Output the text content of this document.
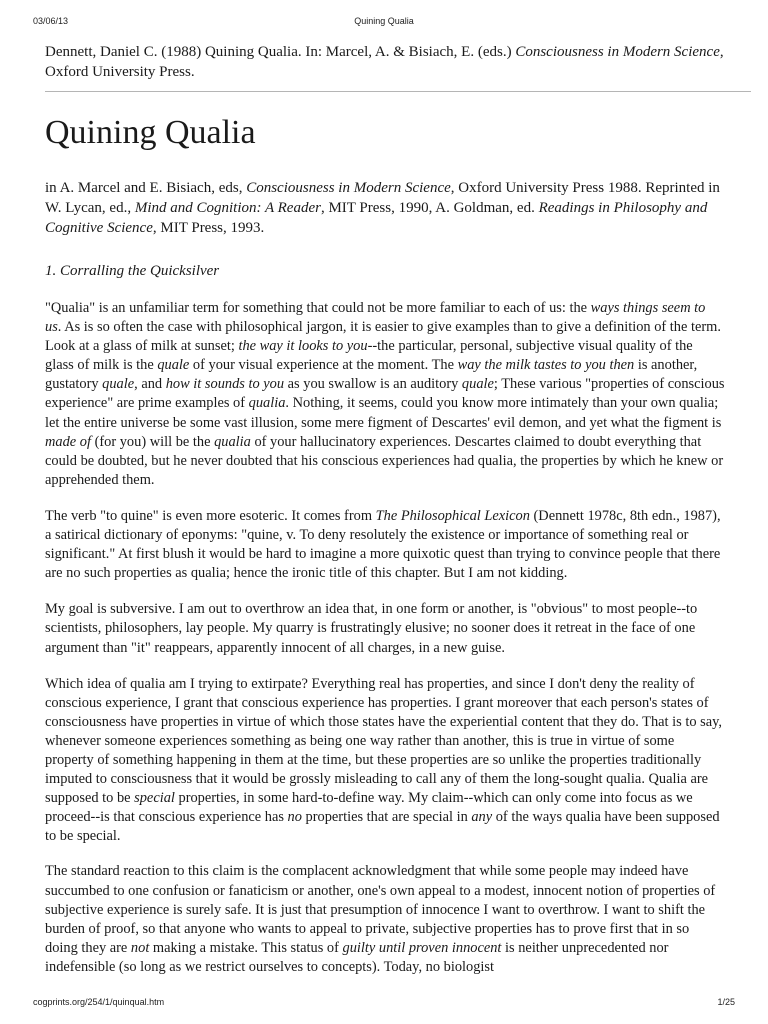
03/06/13	Quining Qualia

Dennett, Daniel C. (1988) Quining Qualia. In: Marcel, A. & Bisiach, E. (eds.) Consciousness in Modern Science, Oxford University Press.

Quining Qualia

in A. Marcel and E. Bisiach, eds, Consciousness in Modern Science, Oxford University Press 1988. Reprinted in W. Lycan, ed., Mind and Cognition: A Reader, MIT Press, 1990, A. Goldman, ed. Readings in Philosophy and Cognitive Science, MIT Press, 1993.

1. Corralling the Quicksilver

"Qualia" is an unfamiliar term for something that could not be more familiar to each of us: the ways things seem to us. As is so often the case with philosophical jargon, it is easier to give examples than to give a definition of the term. Look at a glass of milk at sunset; the way it looks to you--the particular, personal, subjective visual quality of the glass of milk is the quale of your visual experience at the moment. The way the milk tastes to you then is another, gustatory quale, and how it sounds to you as you swallow is an auditory quale; These various "properties of conscious experience" are prime examples of qualia. Nothing, it seems, could you know more intimately than your own qualia; let the entire universe be some vast illusion, some mere figment of Descartes' evil demon, and yet what the figment is made of (for you) will be the qualia of your hallucinatory experiences. Descartes claimed to doubt everything that could be doubted, but he never doubted that his conscious experiences had qualia, the properties by which he knew or apprehended them.

The verb "to quine" is even more esoteric. It comes from The Philosophical Lexicon (Dennett 1978c, 8th edn., 1987), a satirical dictionary of eponyms: "quine, v. To deny resolutely the existence or importance of something real or significant." At first blush it would be hard to imagine a more quixotic quest than trying to convince people that there are no such properties as qualia; hence the ironic title of this chapter. But I am not kidding.

My goal is subversive. I am out to overthrow an idea that, in one form or another, is "obvious" to most people--to scientists, philosophers, lay people. My quarry is frustratingly elusive; no sooner does it retreat in the face of one argument than "it" reappears, apparently innocent of all charges, in a new guise.

Which idea of qualia am I trying to extirpate? Everything real has properties, and since I don't deny the reality of conscious experience, I grant that conscious experience has properties. I grant moreover that each person's states of consciousness have properties in virtue of which those states have the experiential content that they do. That is to say, whenever someone experiences something as being one way rather than another, this is true in virtue of some property of something happening in them at the time, but these properties are so unlike the properties traditionally imputed to consciousness that it would be grossly misleading to call any of them the long-sought qualia. Qualia are supposed to be special properties, in some hard-to-define way. My claim--which can only come into focus as we proceed--is that conscious experience has no properties that are special in any of the ways qualia have been supposed to be special.

The standard reaction to this claim is the complacent acknowledgment that while some people may indeed have succumbed to one confusion or fanaticism or another, one's own appeal to a modest, innocent notion of properties of subjective experience is surely safe. It is just that presumption of innocence I want to overthrow. I want to shift the burden of proof, so that anyone who wants to appeal to private, subjective properties has to prove first that in so doing they are not making a mistake. This status of guilty until proven innocent is neither unprecedented nor indefensible (so long as we restrict ourselves to concepts). Today, no biologist

cogprints.org/254/1/quinqual.htm	1/25
